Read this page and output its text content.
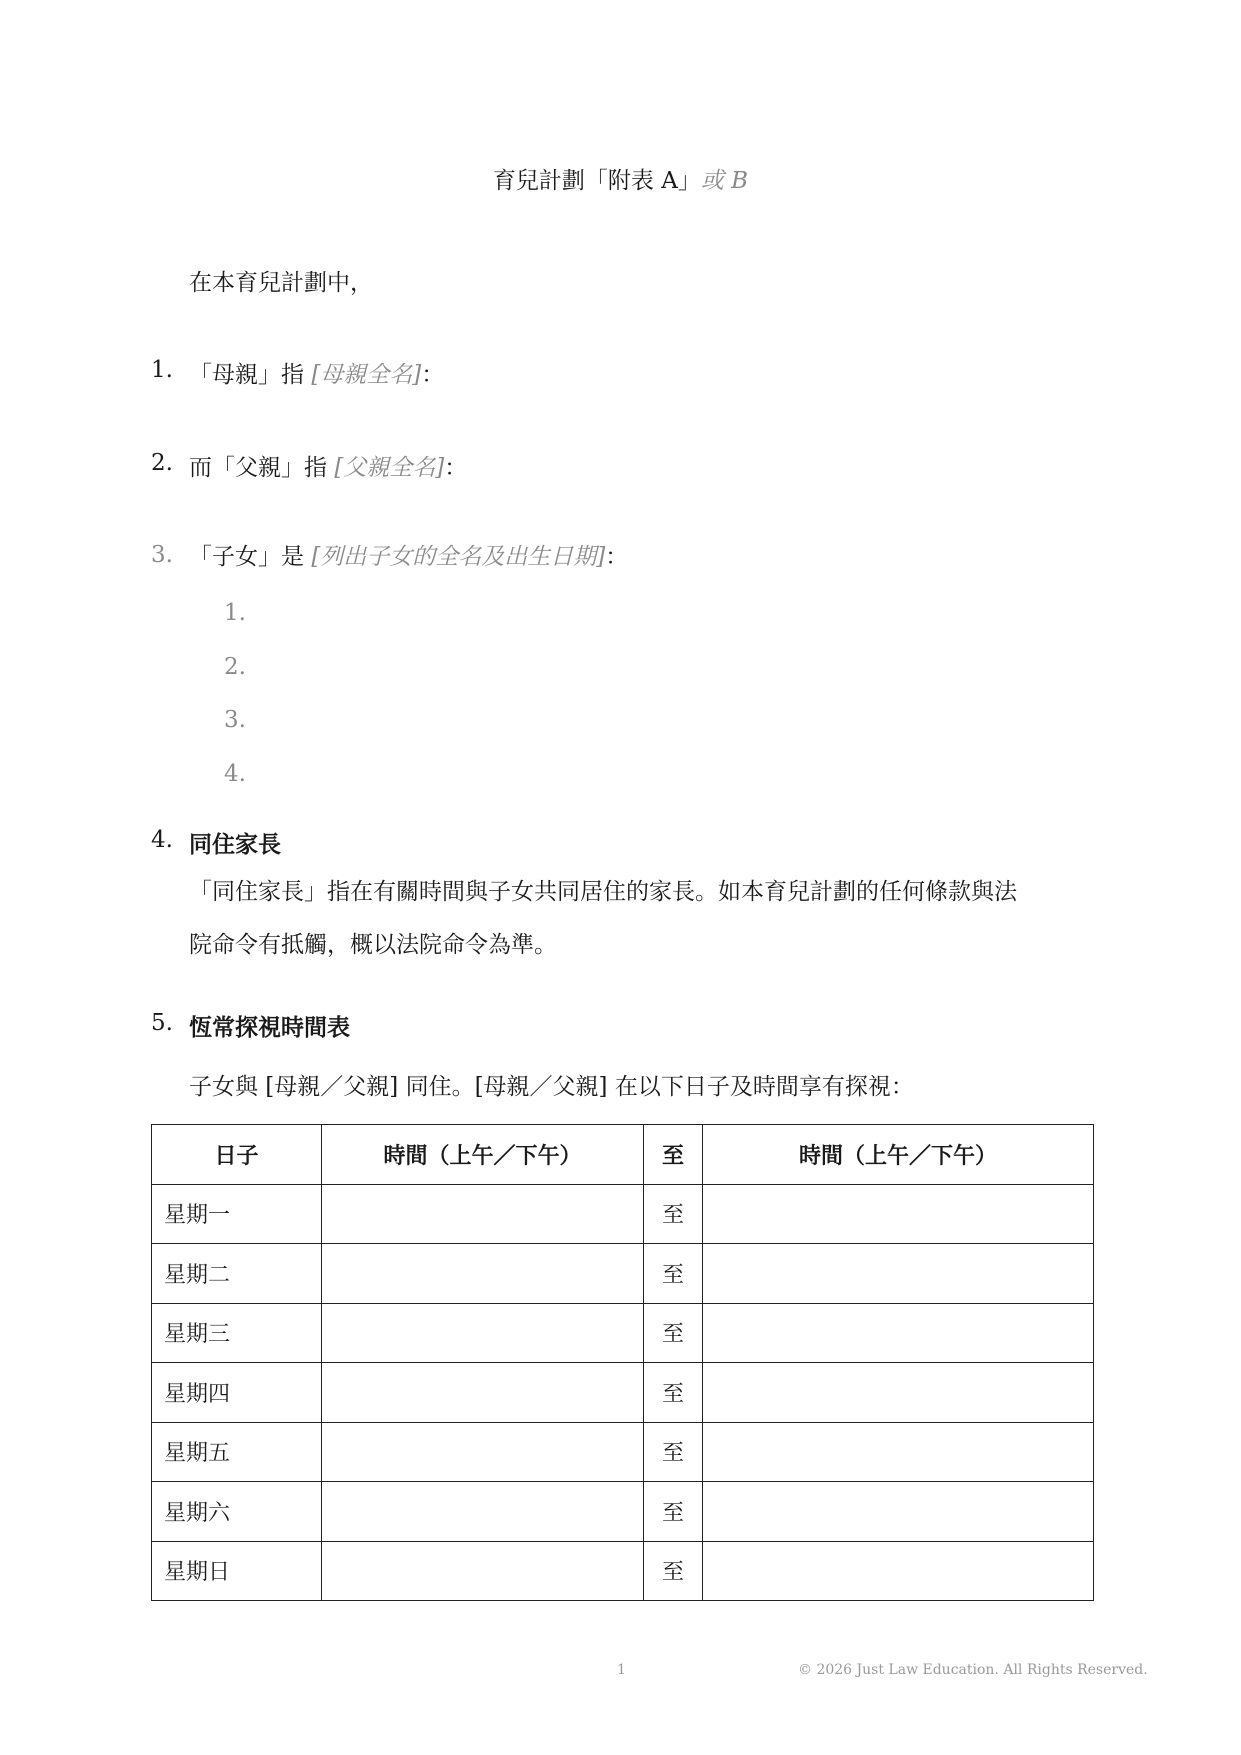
育兒計劃「附表 A」或 B
在本育兒計劃中，
1. 「母親」指 [母親全名]：
2. 而「父親」指 [父親全名]：
3. 「子女」是 [列出子女的全名及出生日期]：
1.
2.
3.
4.
4. 同住家長
「同住家長」指在有關時間與子女共同居住的家長。如本育兒計劃的任何條款與法
院命令有抵觸，概以法院命令為準。
5. 恆常探視時間表
子女與 [母親／父親] 同住。[母親／父親] 在以下日子及時間享有探視：
日子	時間（上午／下午）	至	時間（上午／下午）
星期一		至	
星期二		至	
星期三		至	
星期四		至	
星期五		至	
星期六		至	
星期日		至	
1	© 2026 Just Law Education. All Rights Reserved.
